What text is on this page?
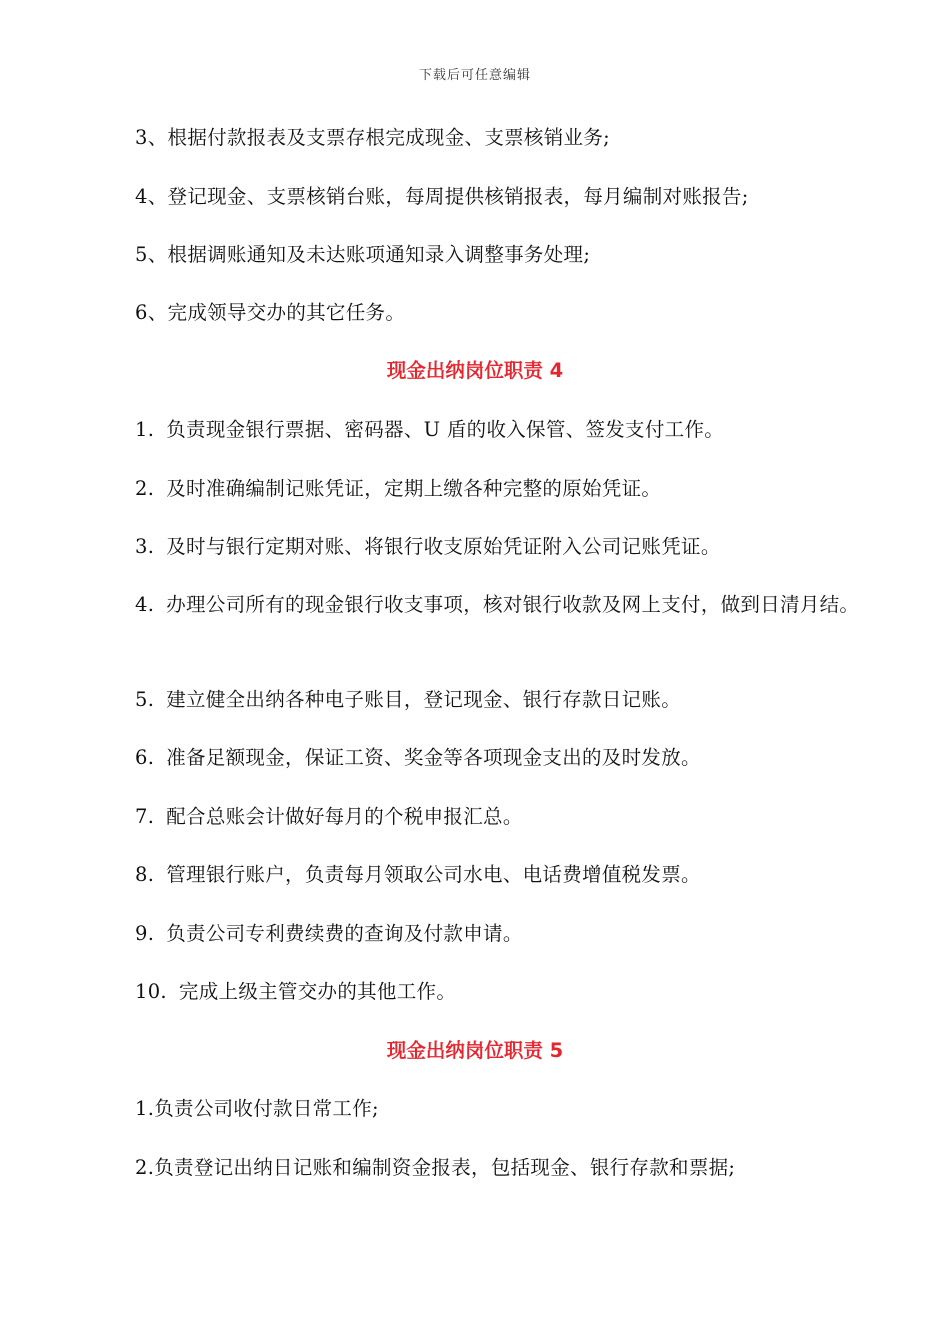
下载后可任意编辑
3、根据付款报表及支票存根完成现金、支票核销业务;
4、登记现金、支票核销台账，每周提供核销报表，每月编制对账报告;
5、根据调账通知及未达账项通知录入调整事务处理;
6、完成领导交办的其它任务。
现金出纳岗位职责 4
1. 负责现金银行票据、密码器、U 盾的收入保管、签发支付工作。
2. 及时准确编制记账凭证，定期上缴各种完整的原始凭证。
3. 及时与银行定期对账、将银行收支原始凭证附入公司记账凭证。
4. 办理公司所有的现金银行收支事项，核对银行收款及网上支付，做到日清月结。
5. 建立健全出纳各种电子账目，登记现金、银行存款日记账。
6. 准备足额现金，保证工资、奖金等各项现金支出的及时发放。
7. 配合总账会计做好每月的个税申报汇总。
8. 管理银行账户，负责每月领取公司水电、电话费增值税发票。
9. 负责公司专利费续费的查询及付款申请。
10. 完成上级主管交办的其他工作。
现金出纳岗位职责 5
1.负责公司收付款日常工作;
2.负责登记出纳日记账和编制资金报表，包括现金、银行存款和票据;
